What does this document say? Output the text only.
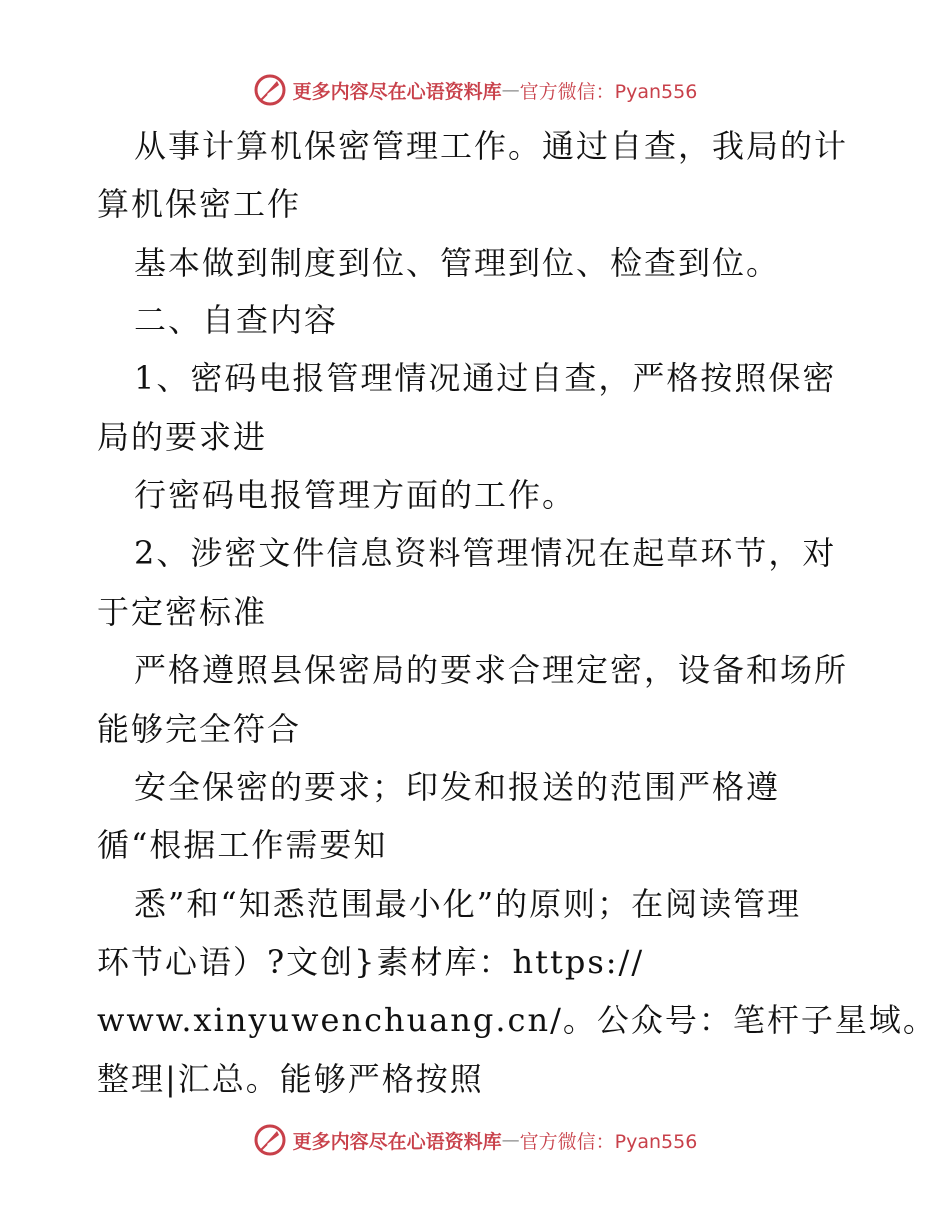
更多内容尽在心语资料库 — 官方微信：Pyan556
从事计算机保密管理工作。通过自查，我局的计
算机保密工作
基本做到制度到位、管理到位、检查到位。
二、自查内容
1、密码电报管理情况通过自查，严格按照保密
局的要求进
行密码电报管理方面的工作。
2、涉密文件信息资料管理情况在起草环节，对
于定密标准
严格遵照县保密局的要求合理定密，设备和场所
能够完全符合
安全保密的要求；印发和报送的范围严格遵
循“根据工作需要知
悉”和“知悉范围最小化”的原则；在阅读管理
环节心语）?文创}素材库：https://
www.xinyuwenchuang.cn/。公众号：笔杆子星域。
整理|汇总。能够严格按照
更多内容尽在心语资料库 — 官方微信：Pyan556
